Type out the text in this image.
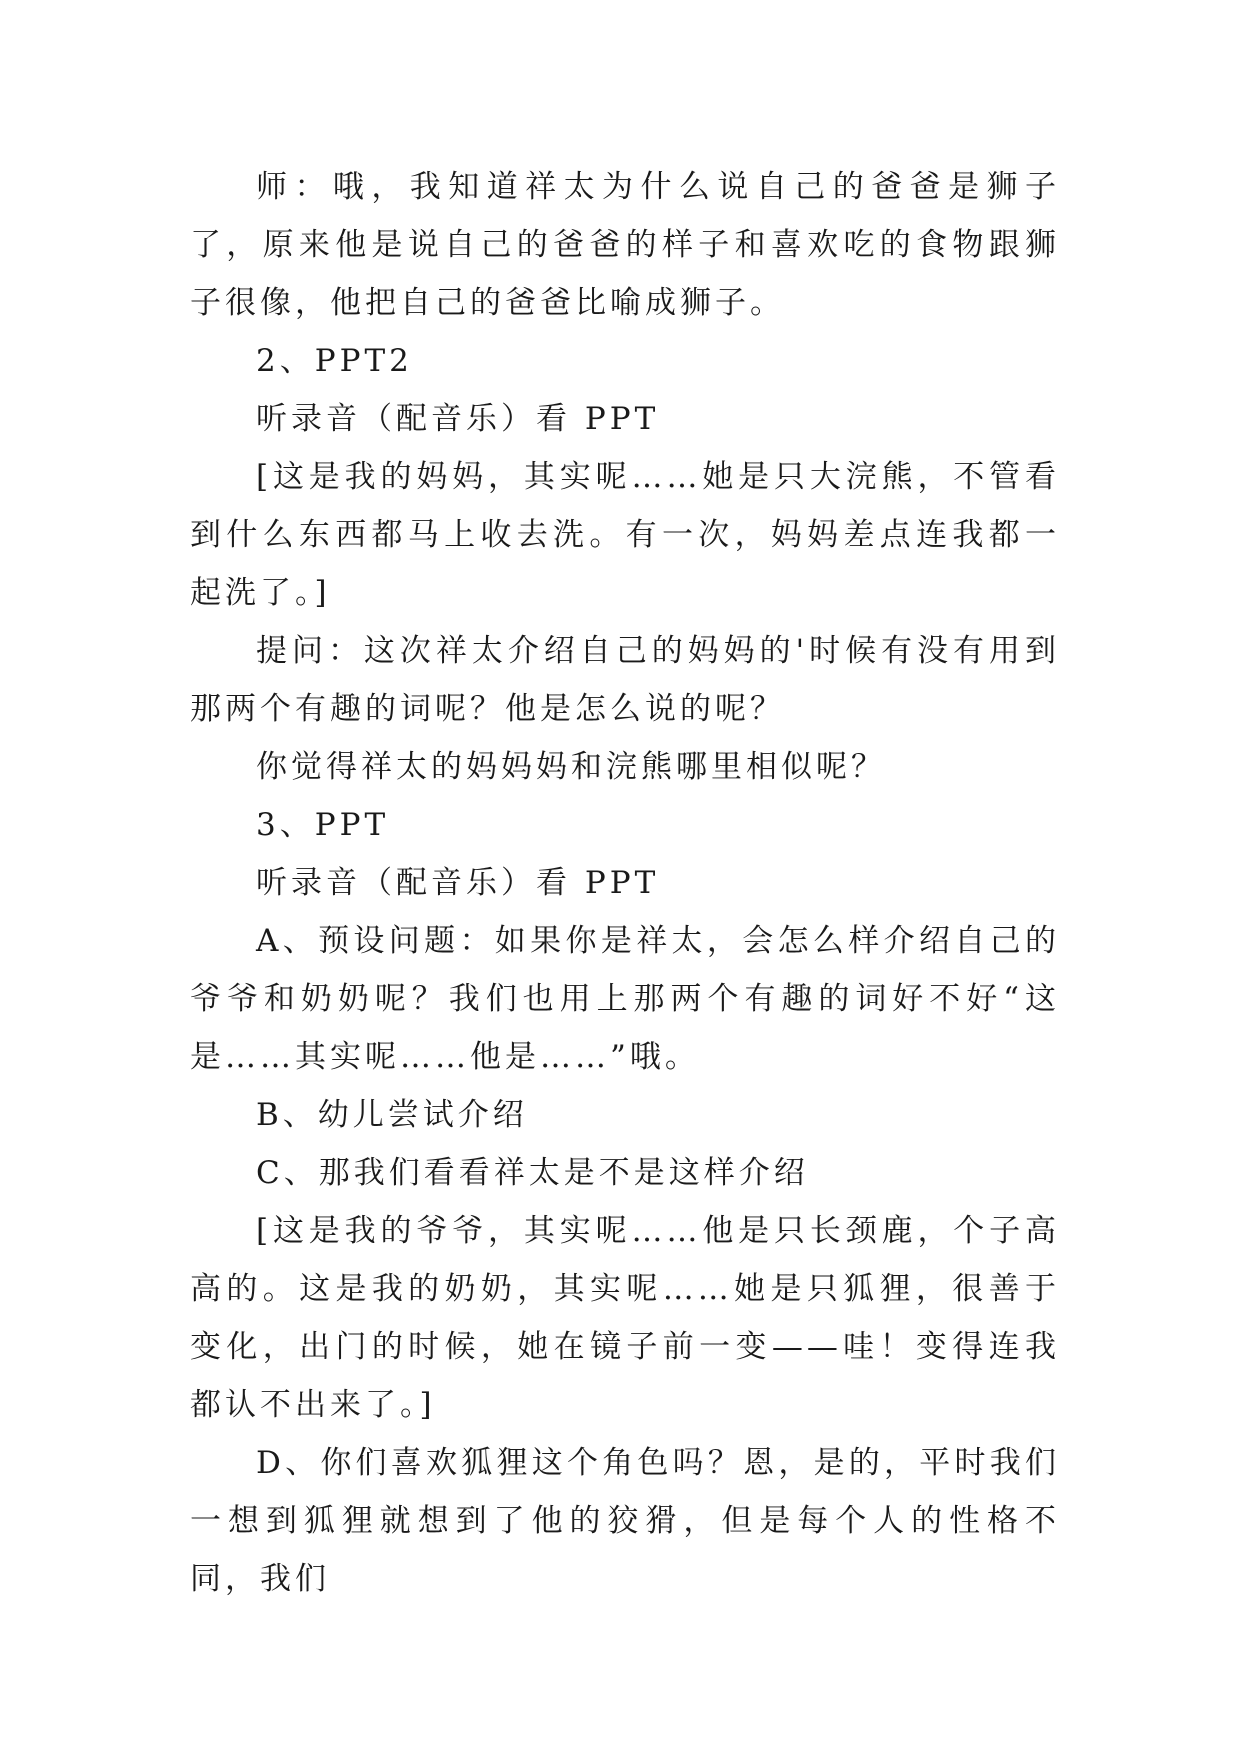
师：哦，我知道祥太为什么说自己的爸爸是狮子了，原来他是说自己的爸爸的样子和喜欢吃的食物跟狮子很像，他把自己的爸爸比喻成狮子。

2、PPT2

听录音（配音乐）看 PPT

[这是我的妈妈，其实呢……她是只大浣熊，不管看到什么东西都马上收去洗。有一次，妈妈差点连我都一起洗了。]

提问：这次祥太介绍自己的妈妈的'时候有没有用到那两个有趣的词呢？他是怎么说的呢？

你觉得祥太的妈妈妈和浣熊哪里相似呢？

3、PPT

听录音（配音乐）看 PPT

A、预设问题：如果你是祥太，会怎么样介绍自己的爷爷和奶奶呢？我们也用上那两个有趣的词好不好“这是……其实呢……他是……”哦。

B、幼儿尝试介绍

C、那我们看看祥太是不是这样介绍

[这是我的爷爷，其实呢……他是只长颈鹿，个子高高的。这是我的奶奶，其实呢……她是只狐狸，很善于变化，出门的时候，她在镜子前一变——哇！变得连我都认不出来了。]

D、你们喜欢狐狸这个角色吗？恩，是的，平时我们一想到狐狸就想到了他的狡猾，但是每个人的性格不同，我们
